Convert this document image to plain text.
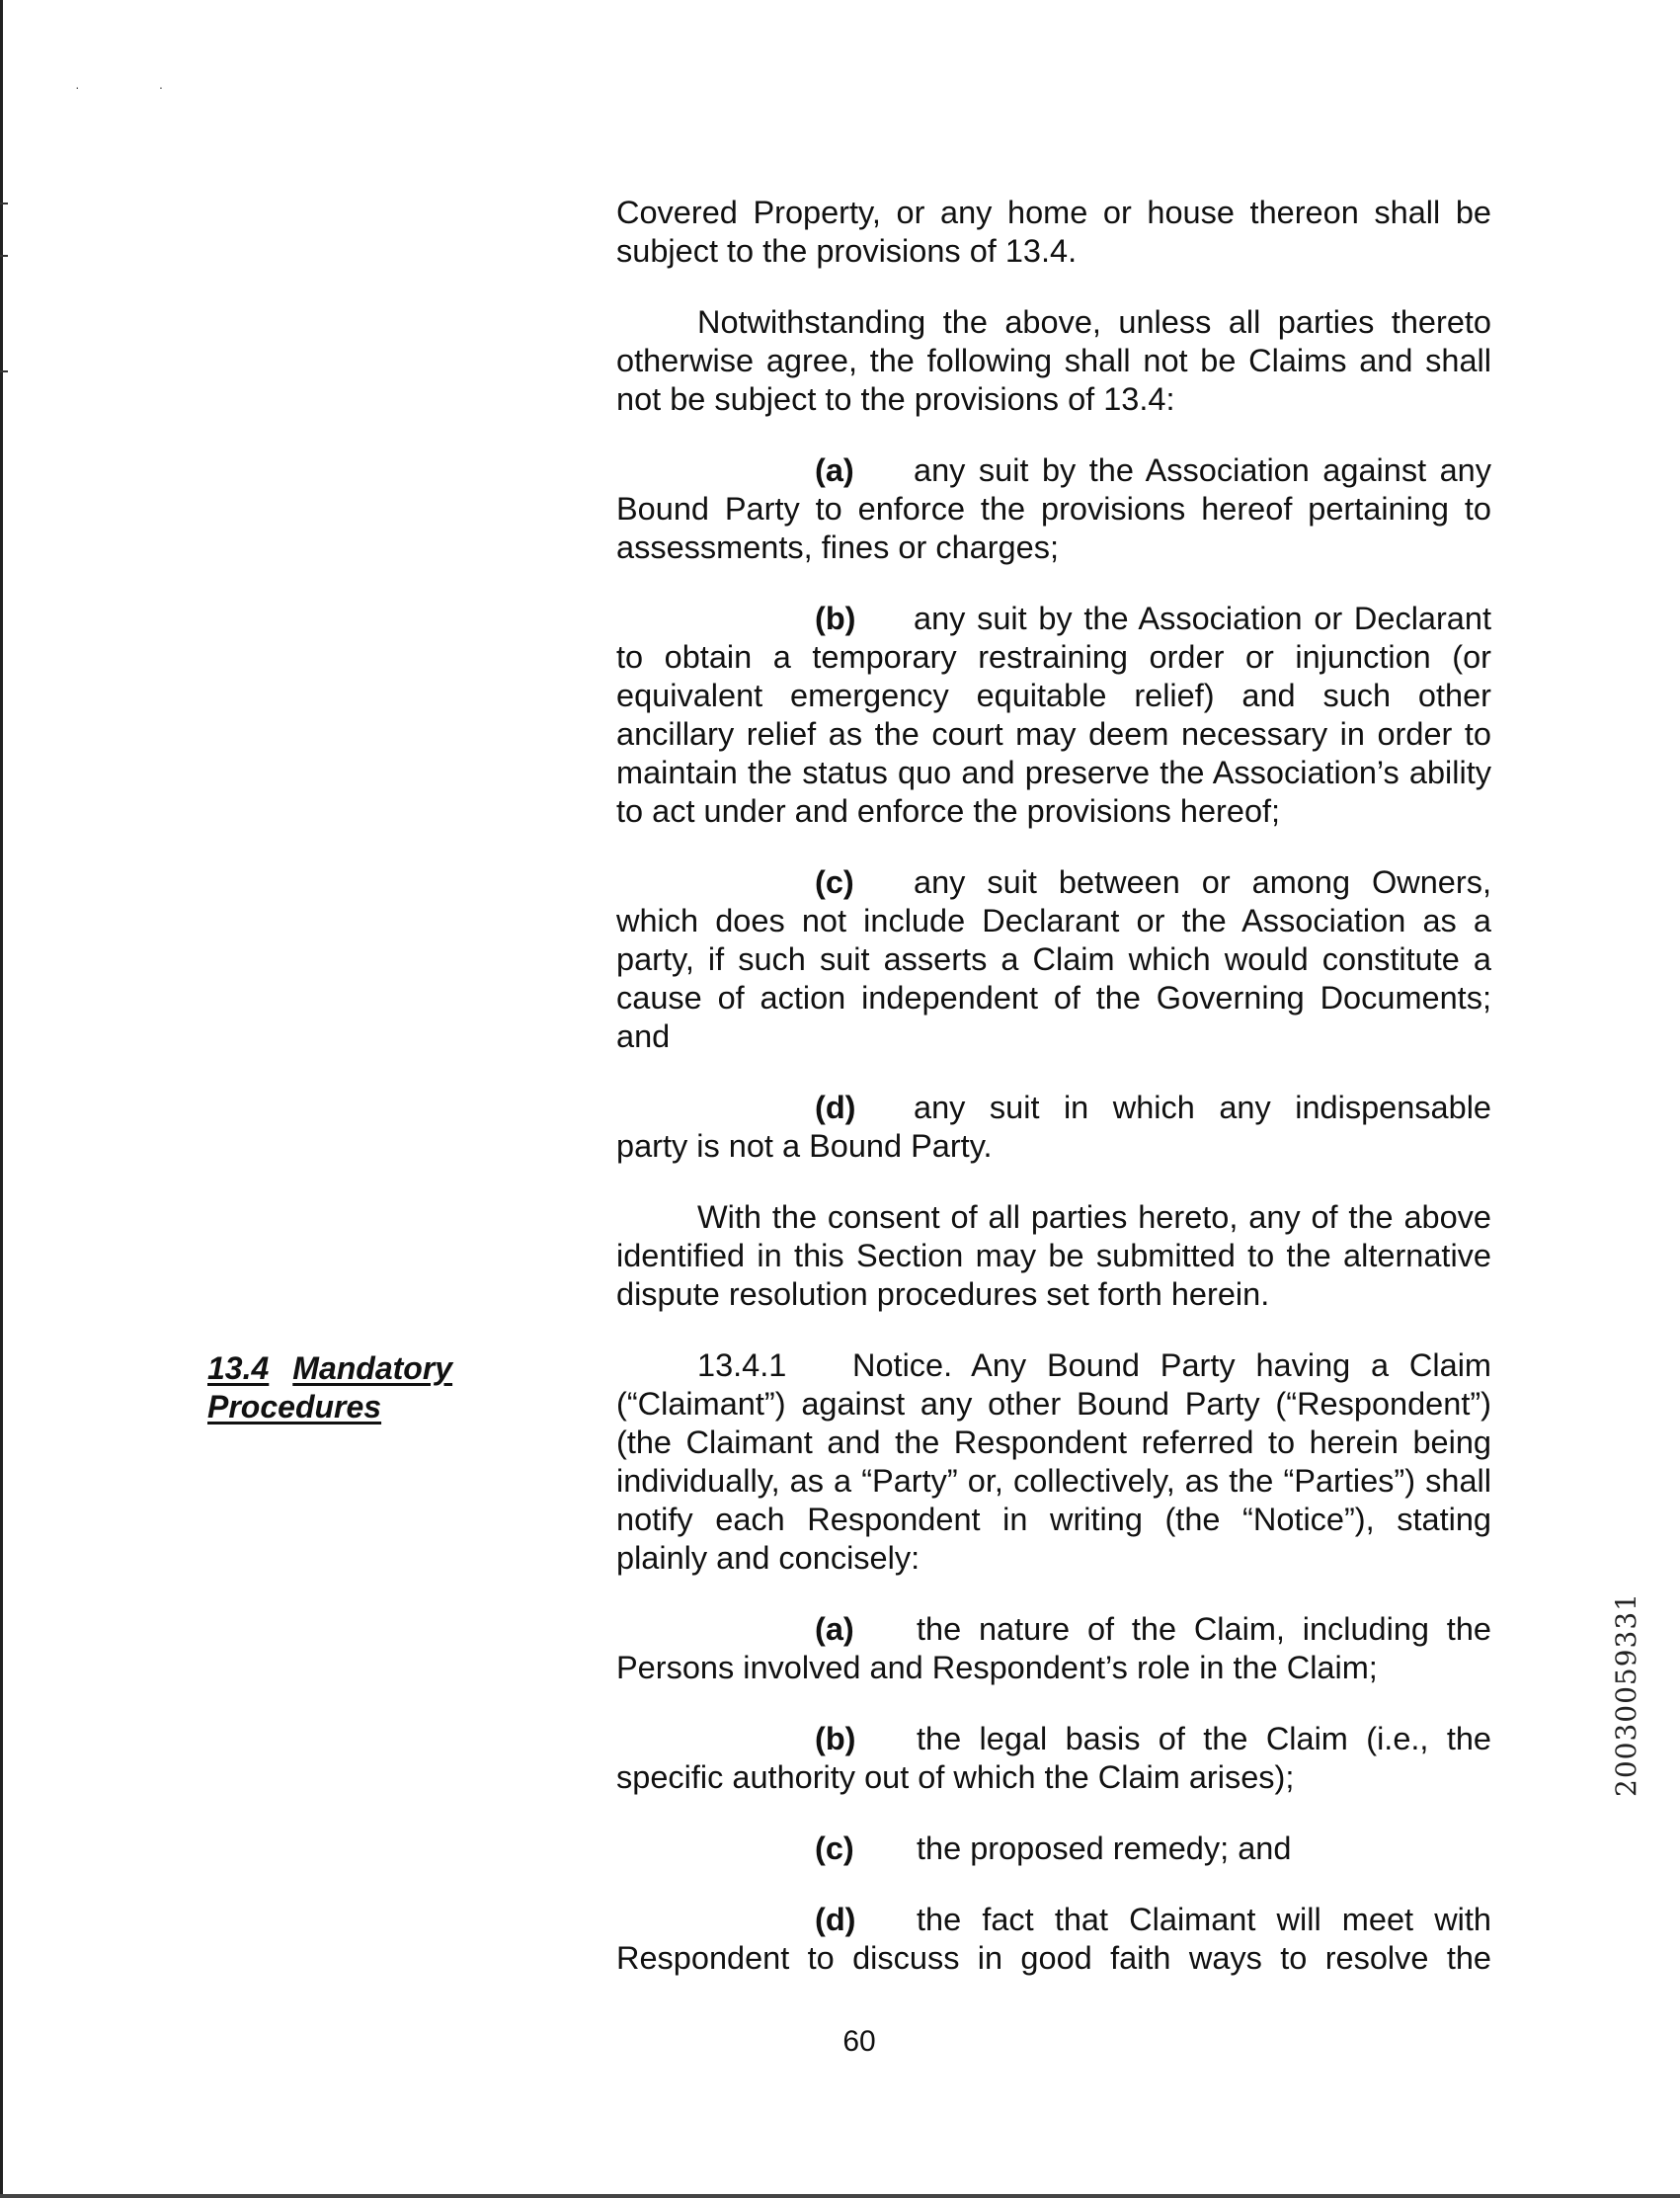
··
13.4 Mandatory
Procedures

Covered Property, or any home or house thereon shall be subject to the provisions of 13.4.

Notwithstanding the above, unless all parties thereto otherwise agree, the following shall not be Claims and shall not be subject to the provisions of 13.4:

(a) any suit by the Association against any Bound Party to enforce the provisions hereof pertaining to assessments, fines or charges;

(b) any suit by the Association or Declarant to obtain a temporary restraining order or injunction (or equivalent emergency equitable relief) and such other ancillary relief as the court may deem necessary in order to maintain the status quo and preserve the Association’s ability to act under and enforce the provisions hereof;

(c) any suit between or among Owners, which does not include Declarant or the Association as a party, if such suit asserts a Claim which would constitute a cause of action independent of the Governing Documents; and

(d) any suit in which any indispensable party is not a Bound Party.

With the consent of all parties hereto, any of the above identified in this Section may be submitted to the alternative dispute resolution procedures set forth herein.

13.4.1 Notice. Any Bound Party having a Claim (“Claimant”) against any other Bound Party (“Respondent”) (the Claimant and the Respondent referred to herein being individually, as a “Party” or, collectively, as the “Parties”) shall notify each Respondent in writing (the “Notice”), stating plainly and concisely:

(a) the nature of the Claim, including the Persons involved and Respondent’s role in the Claim;

(b) the legal basis of the Claim (i.e., the specific authority out of which the Claim arises);

(c) the proposed remedy; and

(d) the fact that Claimant will meet with Respondent to discuss in good faith ways to resolve the

60
20030059331
